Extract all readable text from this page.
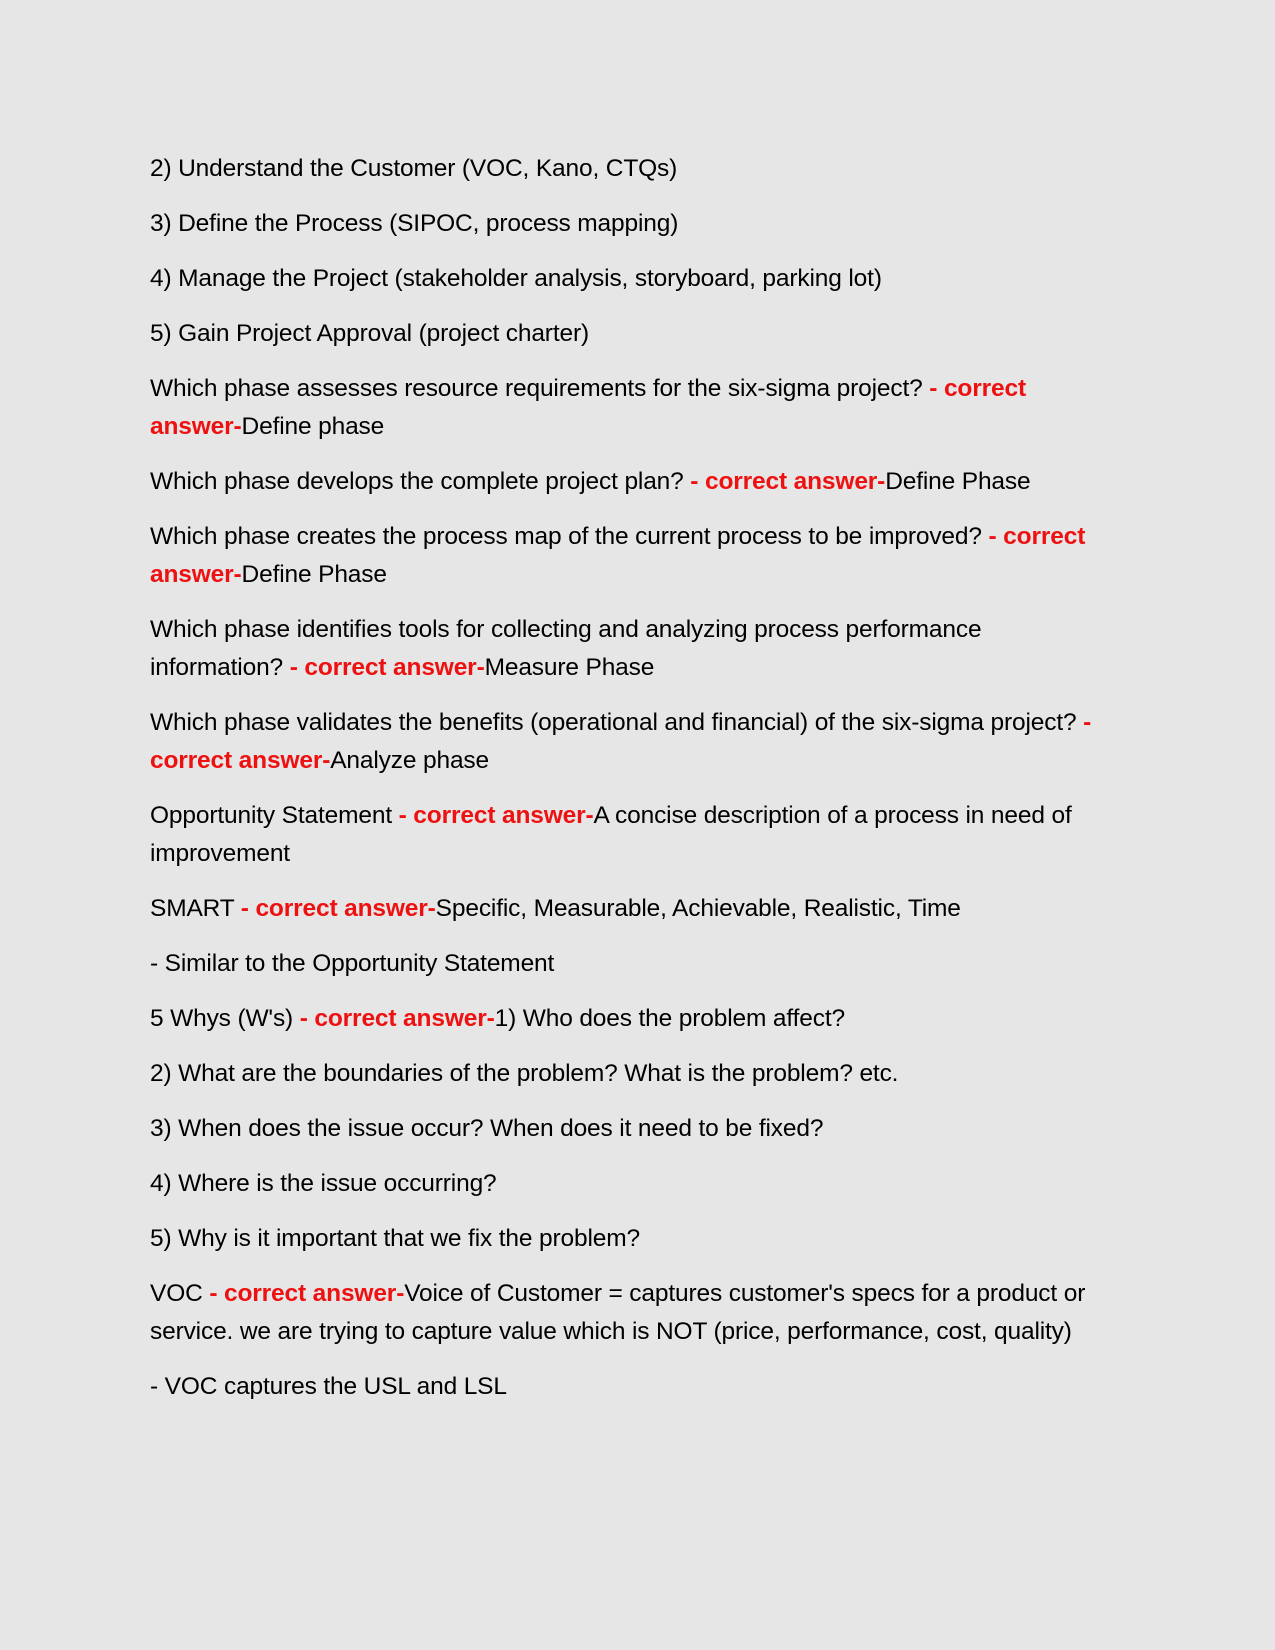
2) Understand the Customer (VOC, Kano, CTQs)

3) Define the Process (SIPOC, process mapping)

4) Manage the Project (stakeholder analysis, storyboard, parking lot)

5) Gain Project Approval (project charter)

Which phase assesses resource requirements for the six-sigma project? - correct answer-Define phase

Which phase develops the complete project plan? - correct answer-Define Phase

Which phase creates the process map of the current process to be improved? - correct answer-Define Phase

Which phase identifies tools for collecting and analyzing process performance information? - correct answer-Measure Phase

Which phase validates the benefits (operational and financial) of the six-sigma project? - correct answer-Analyze phase

Opportunity Statement - correct answer-A concise description of a process in need of improvement

SMART - correct answer-Specific, Measurable, Achievable, Realistic, Time

- Similar to the Opportunity Statement

5 Whys (W's) - correct answer-1) Who does the problem affect?

2) What are the boundaries of the problem? What is the problem? etc.

3) When does the issue occur? When does it need to be fixed?

4) Where is the issue occurring?

5) Why is it important that we fix the problem?

VOC - correct answer-Voice of Customer = captures customer's specs for a product or service. we are trying to capture value which is NOT (price, performance, cost, quality)

- VOC captures the USL and LSL
